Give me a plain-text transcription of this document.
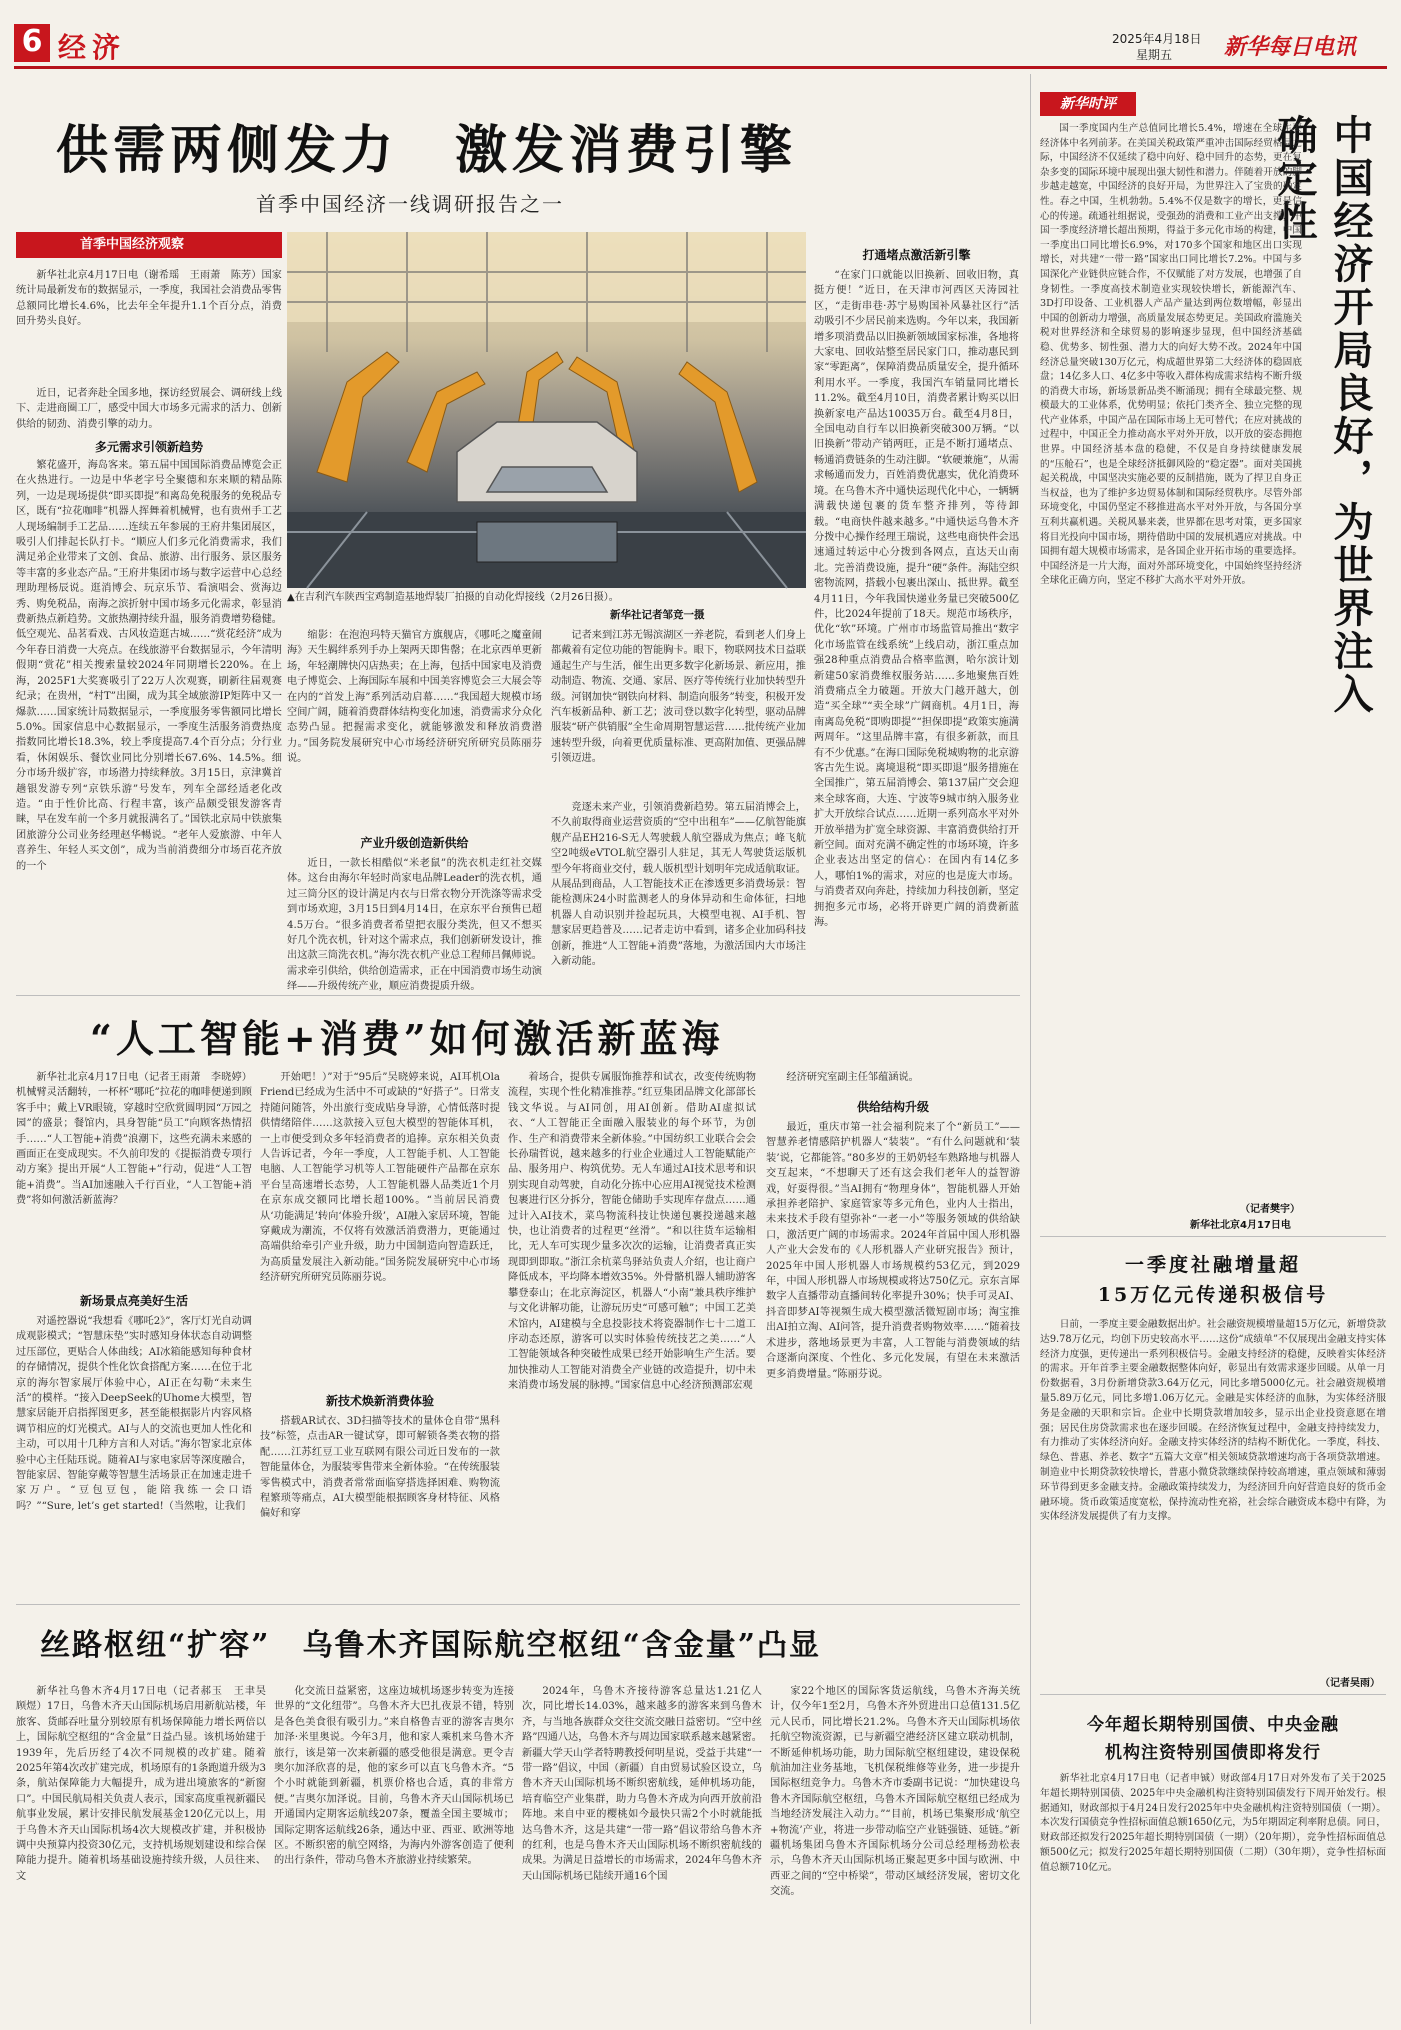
6 经济	2025年4月18日
星期五 新华每日电讯
供需两侧发力　激发消费引擎
首季中国经济一线调研报告之一
首季中国经济观察
▲在吉利汽车陕西宝鸡制造基地焊装厂拍摄的自动化焊接线（2月26日摄）。
新华社记者邹竞一摄

新华社北京4月17日电（谢希瑶　王雨萧　陈芳）国家统计局最新发布的数据显示，一季度，我国社会消费品零售总额同比增长4.6%，比去年全年提升1.1个百分点，消费回升势头良好。

近日，记者奔赴全国多地，探访经贸展会、调研线上线下、走进商圈工厂，感受中国大市场多元需求的活力、创新供给的韧劲、消费引擎的动力。

多元需求引领新趋势

繁花盛开，海岛客来。第五届中国国际消费品博览会正在火热进行。一边是中华老字号全聚德和东来顺的精品陈列，一边是现场提供“即买即提”和离岛免税服务的免税品专区，既有“拉花咖啡”机器人挥舞着机械臂，也有贵州手工艺人现场编制手工艺品……连续五年参展的王府井集团展区，吸引人们排起长队打卡。“顺应人们多元化消费需求，我们满足弟企业带来了文创、食品、旅游、出行服务、景区服务等丰富的多业态产品。”王府井集团市场与数字运营中心总经理助理杨辰说。逛消博会、玩京乐节、看演唱会、赏海边秀、购免税品，南海之滨折射中国市场多元化需求，彰显消费新热点新趋势。文旅热潮持续升温，服务消费增势稳健。低空观光、品茗看戏、古风妆造逛古城……“赏花经济”成为今年春日消费一大亮点。在线旅游平台数据显示，今年清明假期“赏花”相关搜索量较2024年同期增长220%。在上海，2025F1大奖赛吸引了22万人次观赛，刷新往届观赛纪录；在贵州，“村T”出圈，成为其全域旅游IP矩阵中又一爆款……国家统计局数据显示，一季度服务零售额同比增长5.0%。国家信息中心数据显示，一季度生活服务消费热度指数同比增长18.3%，较上季度提高7.4个百分点；分行业看，休闲娱乐、餐饮业同比分别增长67.6%、14.5%。细分市场升级扩容，市场潜力持续释放。3月15日，京津冀首趟银发游专列“京铁乐游”号发车，列车全部经适老化改造。“由于性价比高、行程丰富，该产品颇受银发游客青睐，早在发车前一个多月就报满名了。”国铁北京局中铁旅集团旅游分公司业务经理赵华暢说。“老年人爱旅游、中年人喜养生、年轻人买文创”，成为当前消费细分市场百花齐放的一个

缩影：在泡泡玛特天猫官方旗舰店，《哪吒之魔童闹海》天生羁绊系列手办上架两天即售罄；在北京西单更新场，年轻潮牌快闪店热卖；在上海，包括中国家电及消费电子博览会、上海国际车展和中国美容博览会三大展会等在内的“首发上海”系列活动启幕……“我国超大规模市场空间广阔，随着消费群体结构变化加速，消费需求分众化态势凸显。把握需求变化，就能够激发和释放消费潜力。”国务院发展研究中心市场经济研究所研究员陈丽芬说。

产业升级创造新供给

近日，一款长相酷似“米老鼠”的洗衣机走红社交媒体。这台由海尔年轻时尚家电品牌Leader的洗衣机，通过三筒分区的设计满足内衣与日常衣物分开洗涤等需求受到市场欢迎，3月15日到4月14日，在京东平台预售已超4.5万台。“很多消费者希望把衣服分类洗，但又不想买好几个洗衣机，针对这个需求点，我们创新研发设计，推出这款三筒洗衣机。”海尔洗衣机产业总工程师吕佩师说。需求牵引供给，供给创造需求，正在中国消费市场生动演绎——升级传统产业，顺应消费提质升级。

记者来到江苏无锡滨湖区一养老院，看到老人们身上都戴着有定位功能的智能胸卡。眼下，物联网技术日益联通起生产与生活，催生出更多数字化新场景、新应用，推动制造、物流、交通、家居、医疗等传统行业加快转型升级。河钢加快“钢铁向材料、制造向服务”转变，积极开发汽车板新品种、新工艺；波司登以数字化转型，驱动品牌服装“研产供销服”全生命周期智慧运营……批传统产业加速转型升级，向着更优质量标准、更高附加值、更强品牌引领迈进。

竞逐未来产业，引领消费新趋势。第五届消博会上，不久前取得商业运营资质的“空中出租车”——亿航智能旗舰产品EH216-S无人驾驶载人航空器成为焦点；峰飞航空2吨级eVTOL航空器引人驻足，其无人驾驶货运版机型今年将商业交付，载人版机型计划明年完成适航取证。从展品到商品，人工智能技术正在渗透更多消费场景：智能检测床24小时监测老人的身体异动和生命体征，扫地机器人自动识别并捡起玩具，大模型电视、AI手机、智慧家居更趋普及……记者走访中看到，诸多企业加码科技创新，推进“人工智能+消费”落地，为激活国内大市场注入新动能。

打通堵点激活新引擎

“在家门口就能以旧换新、回收旧物，真挺方便！”近日，在天津市河西区天涛园社区，“走街串巷·苏宁易购国补风暴社区行”活动吸引不少居民前来选购。今年以来，我国新增多项消费品以旧换新领域国家标准，各地将大家电、回收站整至居民家门口，推动惠民到家“零距离”，保障消费品质量安全，提升循环利用水平。一季度，我国汽车销量同比增长11.2%。截至4月10日，消费者累计购买以旧换新家电产品达10035万台。截至4月8日，全国电动自行车以旧换新突破300万辆。“以旧换新”带动产销两旺，正是不断打通堵点、畅通消费链条的生动注脚。“软硬兼施”，从需求畅通而发力，百姓消费优惠实，优化消费环境。在乌鲁木齐中通快运现代化中心，一辆辆满载快递包裹的货车整齐排列，等待卸载。“电商快件越来越多。”中通快运乌鲁木齐分拨中心操作经理王瑞说，这些电商快件会迅速通过转运中心分拨到各网点，直达天山南北。完善消费设施，提升“硬”条件。海陆空织密物流网，搭载小包裹出深山、抵世界。截至4月11日，今年我国快递业务量已突破500亿件，比2024年提前了18天。规范市场秩序，优化“软”环境。广州市市场监管局推出“数字化市场监管在线系统”上线启动，浙江重点加强28种重点消费品合格率监测，哈尔滨计划新建50家消费维权服务站……多地聚焦百姓消费痛点全力破题。开放大门越开越大，创造“买全球”“卖全球”广阔商机。4月1日，海南离岛免税“即购即提”“担保即提”政策实施满两周年。“这里品牌丰富，有很多新款，而且有不少优惠。”在海口国际免税城购物的北京游客古先生说。离境退税“即买即退”服务措施在全国推广，第五届消博会、第137届广交会迎来全球客商，大连、宁波等9城市纳入服务业扩大开放综合试点……近期一系列高水平对外开放举措为扩宽全球资源、丰富消费供给打开新空间。面对充满不确定性的市场环境，许多企业表达出坚定的信心：在国内有14亿多人，哪怕1%的需求，对应的也是庞大市场。与消费者双向奔赴，持续加力科技创新，坚定拥抱多元市场，必将开辟更广阔的消费新蓝海。

“人工智能+消费”如何激活新蓝海

新华社北京4月17日电（记者王雨萧　李晓婷）机械臂灵活翻转，一杯杯“哪吒”拉花的咖啡便递到顾客手中；戴上VR眼镜，穿越时空欣赏圆明园“万园之园”的盛景；餐馆内，具身智能“员工”向顾客热情招手……“人工智能+消费”浪潮下，这些充满未来感的画面正在变成现实。不久前印发的《提振消费专项行动方案》提出开展“人工智能+”行动，促进“人工智能+消费”。当AI加速融入千行百业，“人工智能+消费”将如何激活新蓝海？

新场景点亮美好生活

对遥控器说“我想看《哪吒2》”，客厅灯光自动调成观影模式；“智慧床垫”实时感知身体状态自动调整过压部位，更贴合人体曲线；AI冰箱能感知每种食材的存储情况，提供个性化饮食搭配方案……在位于北京的海尔智家展厅体验中心，AI正在勾勒“未来生活”的模样。“接入DeepSeek的Uhome大模型，智慧家居能开启指挥图更多，甚至能根据影片内容风格调节相应的灯光模式。AI与人的交流也更加人性化和主动，可以用十几种方言和人对话。”海尔智家北京体验中心主任陆珏说。随着AI与家电家居等深度融合，智能家居、智能穿戴等智慧生活场景正在加速走进千家万户。“豆包豆包，能陪我练一会口语吗？”“Sure, let’s get started!（当然啦，让我们

开始吧！）”对于“95后”吴晓婷来说，AI耳机Ola Friend已经成为生活中不可或缺的“好搭子”。日常支持随问随答，外出旅行变成贴身导游，心情低落时提供情绪陪伴……这款接入豆包大模型的智能体耳机，一上市便受到众多年轻消费者的追捧。京东相关负责人告诉记者，今年一季度，人工智能手机、人工智能电脑、人工智能学习机等人工智能硬件产品都在京东平台呈高速增长态势，人工智能机器人品类近1个月在京东成交额同比增长超100%。“当前居民消费从‘功能满足’转向‘体验升级’，AI融入家居环境，智能穿戴成为潮流，不仅将有效激活消费潜力，更能通过高端供给牵引产业升级，助力中国制造向智造跃迁，为高质量发展注入新动能。”国务院发展研究中心市场经济研究所研究员陈丽芬说。

新技术焕新消费体验

搭载AR试衣、3D扫描等技术的量体仓自带“黑科技”标签，点击AR一键试穿，即可解锁各类衣物的搭配……江苏红豆工业互联网有限公司近日发布的一款智能量体仓，为服装零售带来全新体验。“在传统服装零售模式中，消费者常常面临穿搭选择困难、购物流程繁琐等痛点，AI大模型能根据顾客身材特征、风格偏好和穿

着场合，提供专属服饰推荐和试衣，改变传统购物流程，实现个性化精准推荐。”红豆集团品牌文化部部长钱文华说。与AI同创，用AI创新。借助AI虚拟试衣、“人工智能正全面融入服装业的每个环节，为创作、生产和消费带来全新体验。”中国纺织工业联合会会长孙瑞哲说，越来越多的行业企业通过人工智能赋能产品、服务用户、构筑优势。无人车通过AI技术思考和识别实现自动驾驶，自动化分拣中心应用AI视觉技术检测包裹进行区分拆分，智能仓储助手实现库存盘点……通过计入AI技术，菜鸟物流科技让快递包裹投递越来越快，也让消费者的过程更“丝滑”。“和以往货车运输相比，无人车可实现少量多次次的运输，让消费者真正实现即到即取。”浙江余杭菜鸟驿站负责人介绍，也让商户降低成本，平均降本增效35%。外骨骼机器人辅助游客攀登泰山；在北京海淀区，机器人“小南”兼具秩序维护与文化讲解功能，让游玩历史“可感可触”；中国工艺美术馆内，AI建模与全息投影技术将瓷器制作七十二道工序动态还原，游客可以实时体验传统技艺之美……“人工智能领域各种突破性成果已经开始影响生产生活。要加快推动人工智能对消费全产业链的改造提升，切中未来消费市场发展的脉搏。”国家信息中心经济预测部宏观

经济研究室副主任邹蕴涵说。

供给结构升级

最近，重庆市第一社会福利院来了个“新员工”——智慧养老情感陪护机器人“装装”。“有什么问题就和‘装装’说，它都能答。”80多岁的王奶奶轻车熟路地与机器人交互起来，“不想聊天了还有这会我们老年人的益智游戏，好耍得很。”当AI拥有“物理身体”，智能机器人开始承担养老陪护、家庭管家等多元角色，业内人士指出，未来技术手段有望弥补“一老一小”等服务领域的供给缺口，激活更广阔的市场需求。2024年首届中国人形机器人产业大会发布的《人形机器人产业研究报告》预计，2025年中国人形机器人市场规模约53亿元，到2029年，中国人形机器人市场规模或将达750亿元。京东言犀数字人直播带动直播间转化率提升30%；快手可灵AI、抖音即梦AI等视频生成大模型激活微短剧市场；淘宝推出AI拍立淘、AI问答，提升消费者购物效率……“随着技术进步，落地场景更为丰富，人工智能与消费领域的结合逐渐向深度、个性化、多元化发展，有望在未来激活更多消费增量。”陈丽芬说。

丝路枢纽“扩容”　乌鲁木齐国际航空枢纽“含金量”凸显

新华社乌鲁木齐4月17日电（记者郝玉　王聿昊　顾煜）17日，乌鲁木齐天山国际机场启用新航站楼，年旅客、货邮吞吐量分别较原有机场保障能力增长两倍以上，国际航空枢纽的“含金量”日益凸显。该机场始建于1939年，先后历经了4次不同规模的改扩建。随着2025年第4次改扩建完成，机场原有的1条跑道升级为3条，航站保障能力大幅提升，成为进出境旅客的“新窗口”。中国民航局相关负责人表示，国家高度重视新疆民航事业发展，累计安排民航发展基金120亿元以上，用于乌鲁木齐天山国际机场4次大规模改扩建，并积极协调中央预算内投资30亿元，支持机场规划建设和综合保障能力提升。随着机场基础设施持续升级，人员往来、文

化交流日益紧密，这座边城机场逐步转变为连接世界的“文化纽带”。乌鲁木齐大巴扎夜景不错，特别是各色美食很有吸引力。”来自格鲁吉亚的游客吉奥尔加泽·米里奥说。今年3月，他和家人乘机来乌鲁木齐旅行，该是第一次来新疆的感受他很是满意。更令吉奥尔加泽欣喜的是，他的家乡可以直飞乌鲁木齐。“5个小时就能到新疆，机票价格也合适，真的非常方便。”吉奥尔加泽说。目前，乌鲁木齐天山国际机场已开通国内定期客运航线207条，覆盖全国主要城市；国际定期客运航线26条，通达中亚、西亚、欧洲等地区。不断织密的航空网络，为海内外游客创造了便利的出行条件，带动乌鲁木齐旅游业持续繁荣。

2024年，乌鲁木齐接待游客总量达1.21亿人次，同比增长14.03%，越来越多的游客来到乌鲁木齐，与当地各族群众交往交流交融日益密切。“空中丝路”四通八达，乌鲁木齐与周边国家联系越来越紧密。新疆大学天山学者特聘教授何明星说，受益于共建“一带一路”倡议，中国（新疆）自由贸易试验区设立，乌鲁木齐天山国际机场不断织密航线，延伸机场功能，培育临空产业集群，助力乌鲁木齐成为向西开放前沿阵地。来自中亚的樱桃如今最快只需2个小时就能抵达乌鲁木齐，这是共建“一带一路”倡议带给乌鲁木齐的红利，也是乌鲁木齐天山国际机场不断织密航线的成果。为满足日益增长的市场需求，2024年乌鲁木齐天山国际机场已陆续开通16个国

家22个地区的国际客货运航线，乌鲁木齐海关统计，仅今年1至2月，乌鲁木齐外贸进出口总值131.5亿元人民币，同比增长21.2%。乌鲁木齐天山国际机场依托航空物流资源，已与新疆空港经济区建立联动机制，不断延伸机场功能，助力国际航空枢纽建设，建设保税航油加注业务基地，飞机保税维修等业务，进一步提升国际枢纽竞争力。乌鲁木齐市委副书记说：“加快建设乌鲁木齐国际航空枢纽，乌鲁木齐国际航空枢纽已经成为当地经济发展注入动力。”“目前，机场已集聚形成‘航空+物流’产业，将进一步带动临空产业链强链、延链。”新疆机场集团乌鲁木齐国际机场分公司总经理杨劲松表示，乌鲁木齐天山国际机场正聚起更多中国与欧洲、中西亚之间的“空中桥梁”，带动区域经济发展，密切文化交流。

新华时评
中国经济开局良好，为世界注入确定性

国一季度国内生产总值同比增长5.4%，增速在全球主要经济体中名列前茅。在美国关税政策严重冲击国际经贸格局之际，中国经济不仅延续了稳中向好、稳中回升的态势，更在复杂多变的国际环境中展现出强大韧性和潜力。伴随着开放的脚步越走越宽，中国经济的良好开局，为世界注入了宝贵的确定性。春之中国，生机勃勃。5.4%不仅是数字的增长，更是信心的传递。疏通社组据说，受强劲的消费和工业产出支撑，中国一季度经济增长超出预期，得益于多元化市场的构建，中国一季度出口同比增长6.9%，对170多个国家和地区出口实现增长，对共建“一带一路”国家出口同比增长7.2%。中国与多国深化产业链供应链合作，不仅赋能了对方发展，也增强了自身韧性。一季度高技术制造业实现较快增长，新能源汽车、3D打印设备、工业机器人产品产量达到两位数增幅，彰显出中国的创新动力增强，高质量发展态势更足。美国政府滥施关税对世界经济和全球贸易的影响逐步显现，但中国经济基础稳、优势多、韧性强、潜力大的向好大势不改。2024年中国经济总量突破130万亿元，构成超世界第二大经济体的稳固底盘；14亿多人口、4亿多中等收入群体构成需求结构不断升级的消费大市场，新场景新品类不断涌现；拥有全球最完整、规模最大的工业体系，优势明显；依托门类齐全、独立完整的现代产业体系，中国产品在国际市场上无可替代；在应对挑战的过程中，中国正全力推动高水平对外开放，以开放的姿态拥抱世界。中国经济基本盘的稳健，不仅是自身持续健康发展的“压舱石”，也是全球经济抵御风险的“稳定器”。面对美国挑起关税战，中国坚决实施必要的反制措施，既为了捍卫自身正当权益，也为了维护多边贸易体制和国际经贸秩序。尽管外部环境变化，中国仍坚定不移推进高水平对外开放，与各国分享互利共赢机遇。关税风暴来袭，世界都在思考对策，更多国家将目光投向中国市场，期待借助中国的发展机遇应对挑战。中国拥有超大规模市场需求，是各国企业开拓市场的重要选择。中国经济是一片大海，面对外部环境变化，中国始终坚持经济全球化正确方向，坚定不移扩大高水平对外开放。

（记者樊宇）
新华社北京4月17日电
一季度社融增量超
15万亿元传递积极信号

日前，一季度主要金融数据出炉。社会融资规模增量超15万亿元，新增贷款达9.78万亿元，均创下历史较高水平……这份“成绩单”不仅展现出金融支持实体经济力度强，更传递出一系列积极信号。金融支持经济的稳健，反映着实体经济的需求。开年首季主要金融数据整体向好，彰显出有效需求逐步回暖。从单一月份数据看，3月份新增贷款3.64万亿元，同比多增5000亿元。社会融资规模增量5.89万亿元，同比多增1.06万亿元。金融是实体经济的血脉，为实体经济服务是金融的天职和宗旨。企业中长期贷款增加较多，显示出企业投资意愿在增强；居民住房贷款需求也在逐步回暖。在经济恢复过程中，金融支持持续发力，有力推动了实体经济向好。金融支持实体经济的结构不断优化。一季度，科技、绿色、普惠、养老、数字“五篇大文章”相关领域贷款增速均高于各项贷款增速。制造业中长期贷款较快增长，普惠小微贷款继续保持较高增速，重点领域和薄弱环节得到更多金融支持。金融政策持续发力，为经济回升向好营造良好的货币金融环境。货币政策适度宽松，保持流动性充裕，社会综合融资成本稳中有降，为实体经济发展提供了有力支撑。

（记者吴雨）
今年超长期特别国债、中央金融
机构注资特别国债即将发行

新华社北京4月17日电（记者申铖）财政部4月17日对外发布了关于2025年超长期特别国债、2025年中央金融机构注资特别国债发行下周开始发行。根据通知，财政部拟于4月24日发行2025年中央金融机构注资特别国债（一期）。本次发行国债竞争性招标面值总额1650亿元，为5年期固定利率附息债。同日，财政部还拟发行2025年超长期特别国债（一期）（20年期），竞争性招标面值总额500亿元；拟发行2025年超长期特别国债（二期）（30年期），竞争性招标面值总额710亿元。
